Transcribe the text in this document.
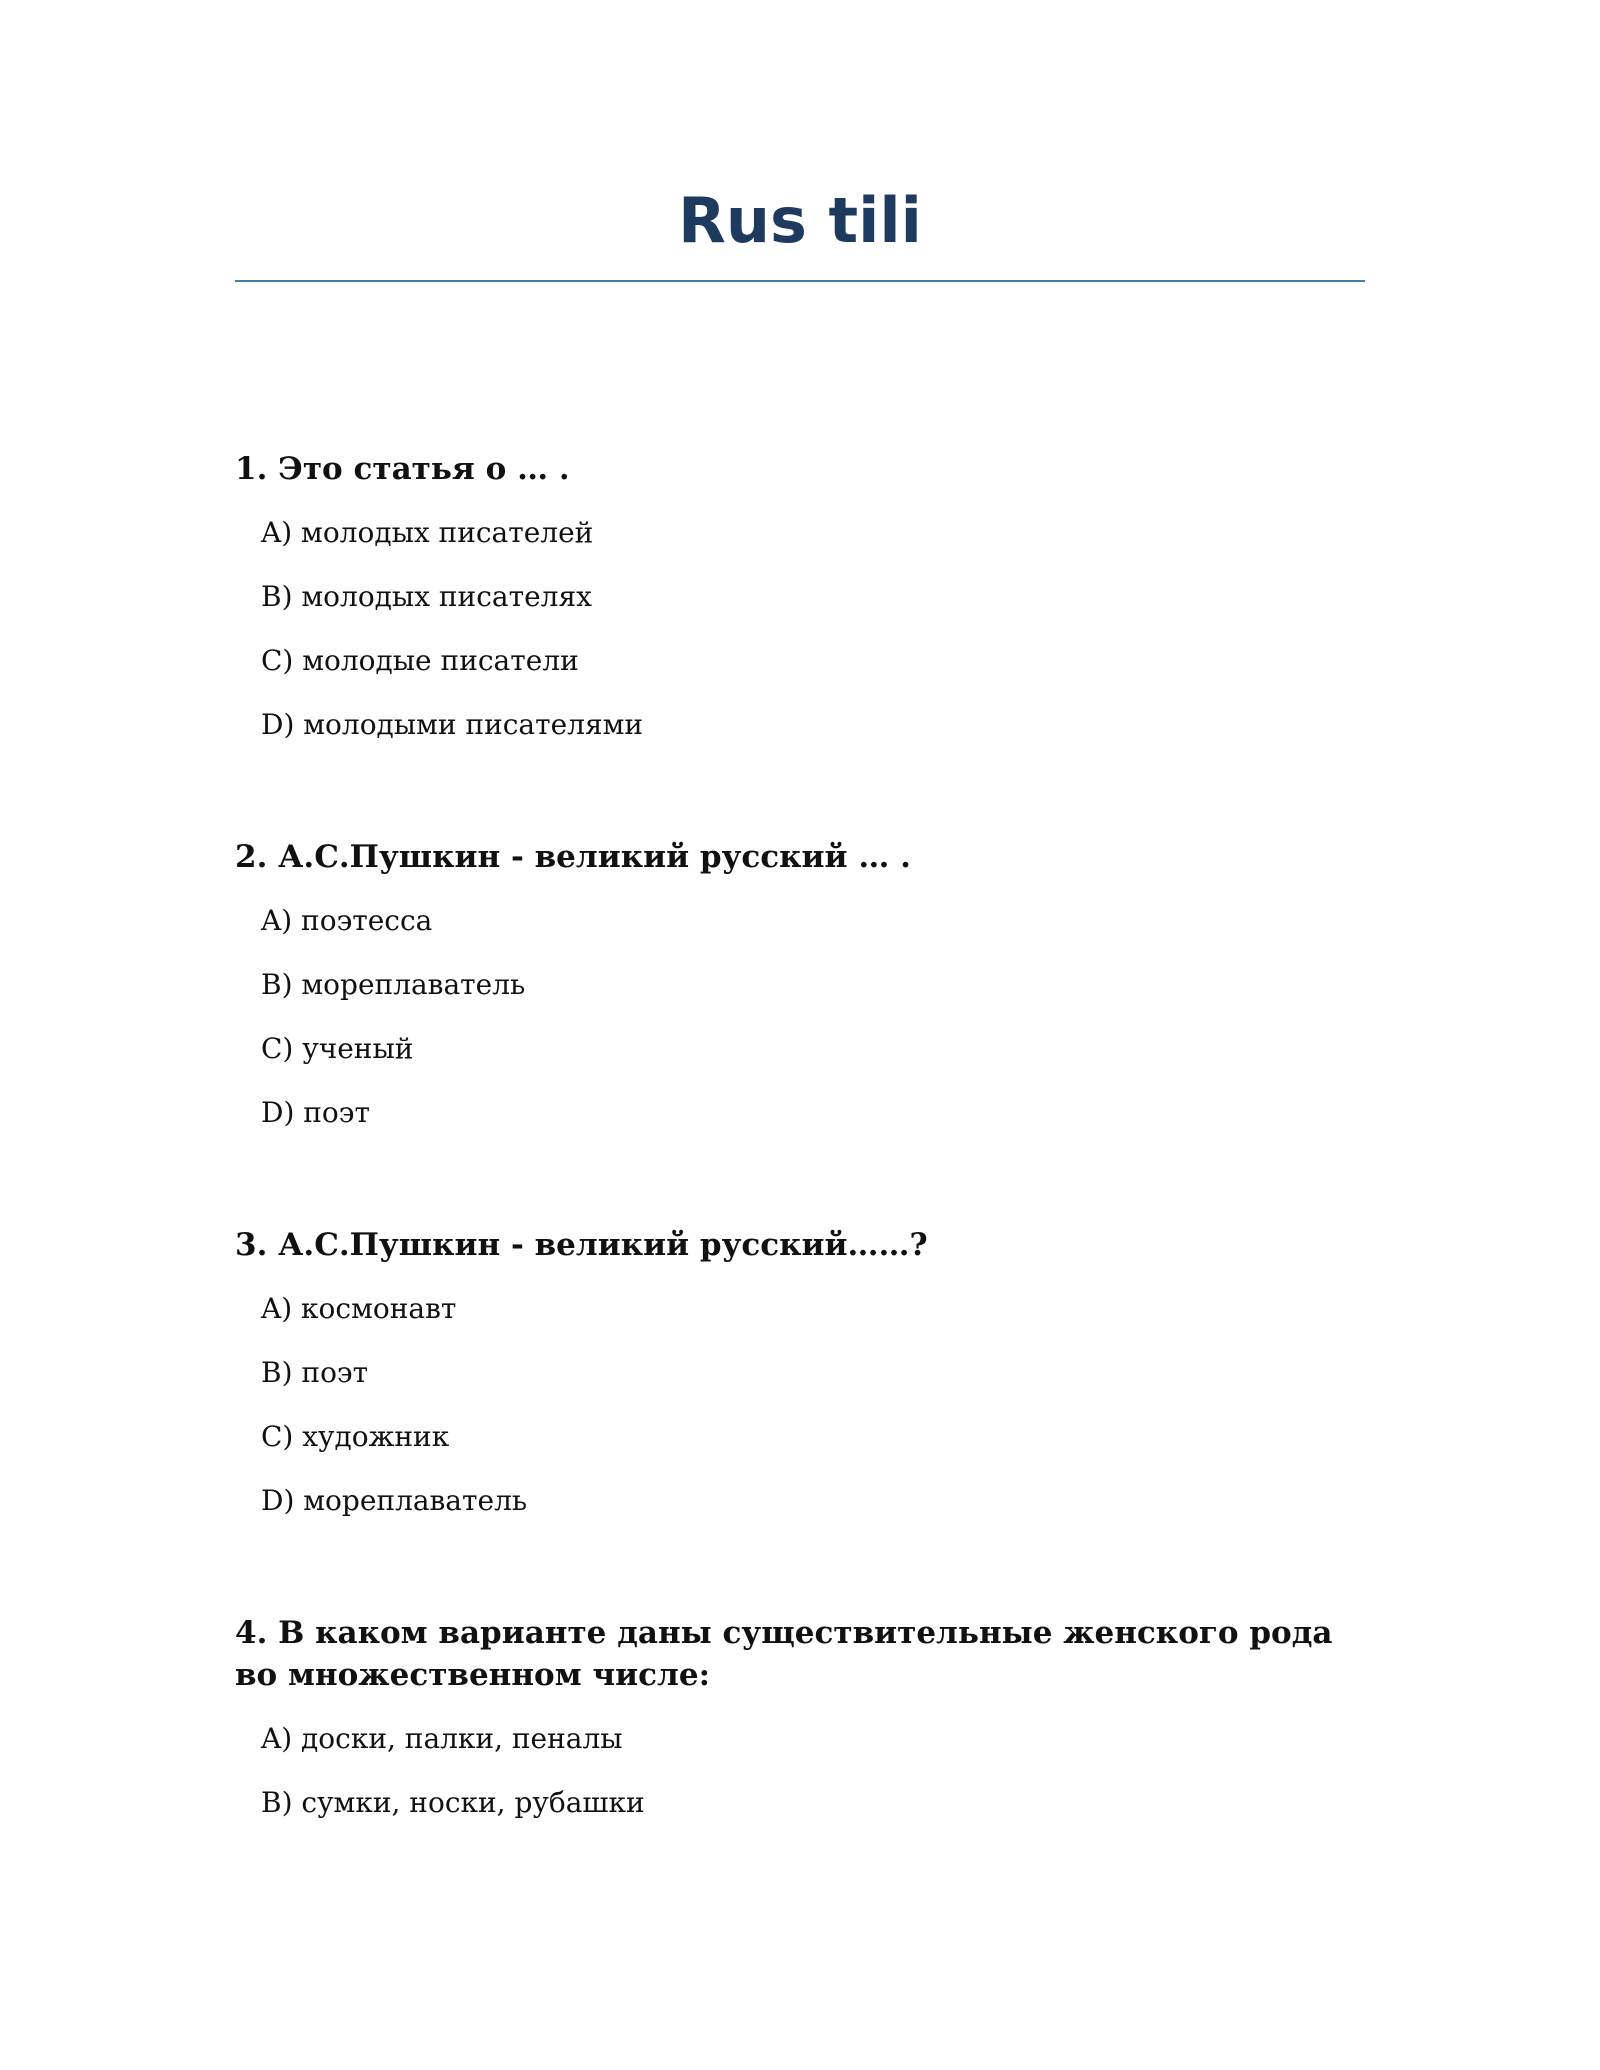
Rus tili

1. Это статья о … .

A) молодых писателей
B) молодых писателях
C) молодые писатели
D) молодыми писателями

2. А.С.Пушкин - великий русский … .

A) поэтесса
B) мореплаватель
C) ученый
D) поэт

3. А.С.Пушкин - великий русский……?

A) космонавт
B) поэт
C) художник
D) мореплаватель

4. В каком варианте даны существительные женского рода во множественном числе:

A) доски, палки, пеналы
B) сумки, носки, рубашки
